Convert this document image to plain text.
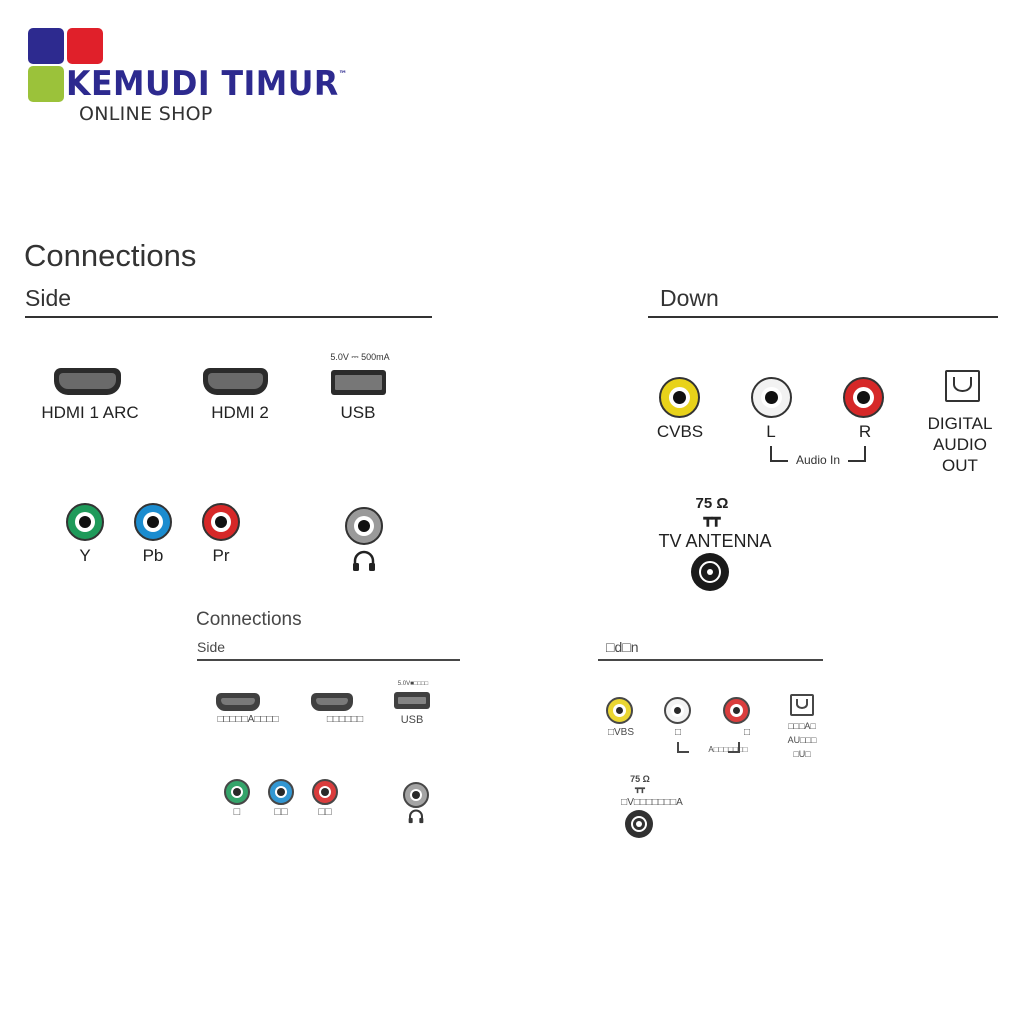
KEMUDI TIMUR™
ONLINE SHOP
Connections
Side	Down
HDMI 1 ARC	HDMI 2
5.0V ⎓ 500mA
USB
Y	Pb	Pr
CVBS	L	R
Audio In
DIGITAL
AUDIO
OUT
75 Ω
┳┳
TV ANTENNA
Connections
Side	□d□n
□□□□□A□□□□	□□□□□□
5.0V■□□□□
USB
□	□□	□□
□VBS	□	□
A□□□□□□□
□□□A□
AU□□□
□U□
75 Ω
┳┳
□V□□□□□□□A
